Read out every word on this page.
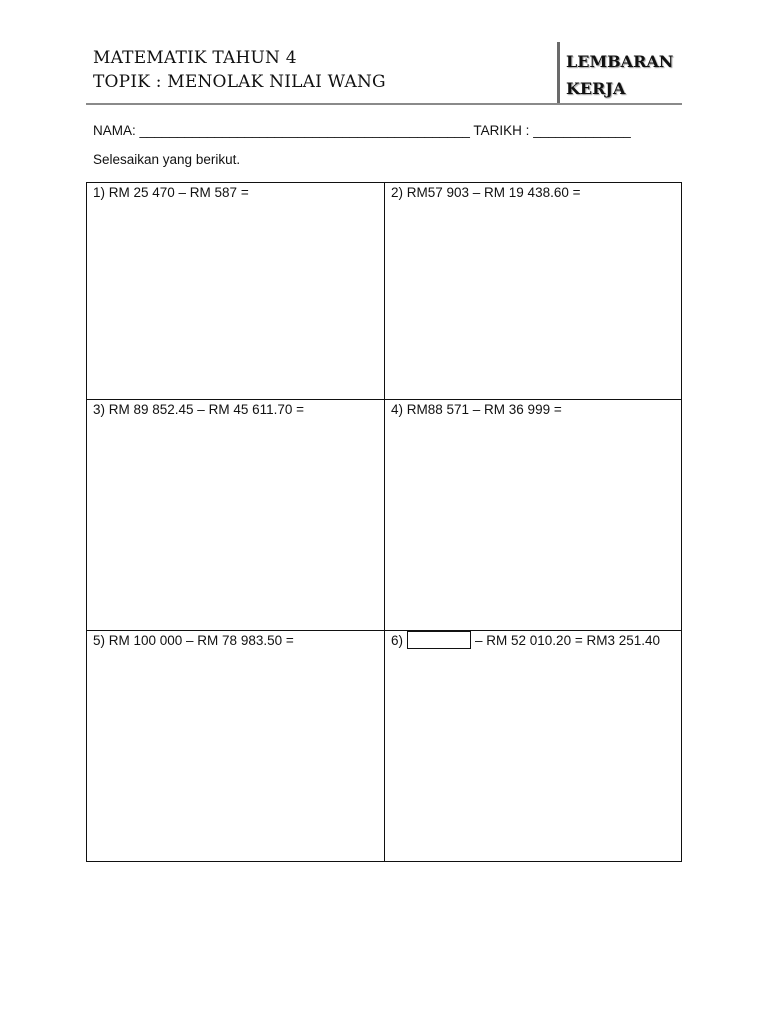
MATEMATIK TAHUN 4
TOPIK : MENOLAK NILAI WANG
LEMBARAN
KERJA
NAMA: ____________________________________________ TARIKH : _____________
Selesaikan yang berikut.
1) RM 25 470 – RM 587 =	2) RM57 903 – RM 19 438.60 =
3) RM 89 852.45 – RM 45 611.70 =	4) RM88 571 – RM 36 999 =
5) RM 100 000 – RM 78 983.50 =	6)	– RM 52 010.20 = RM3 251.40
